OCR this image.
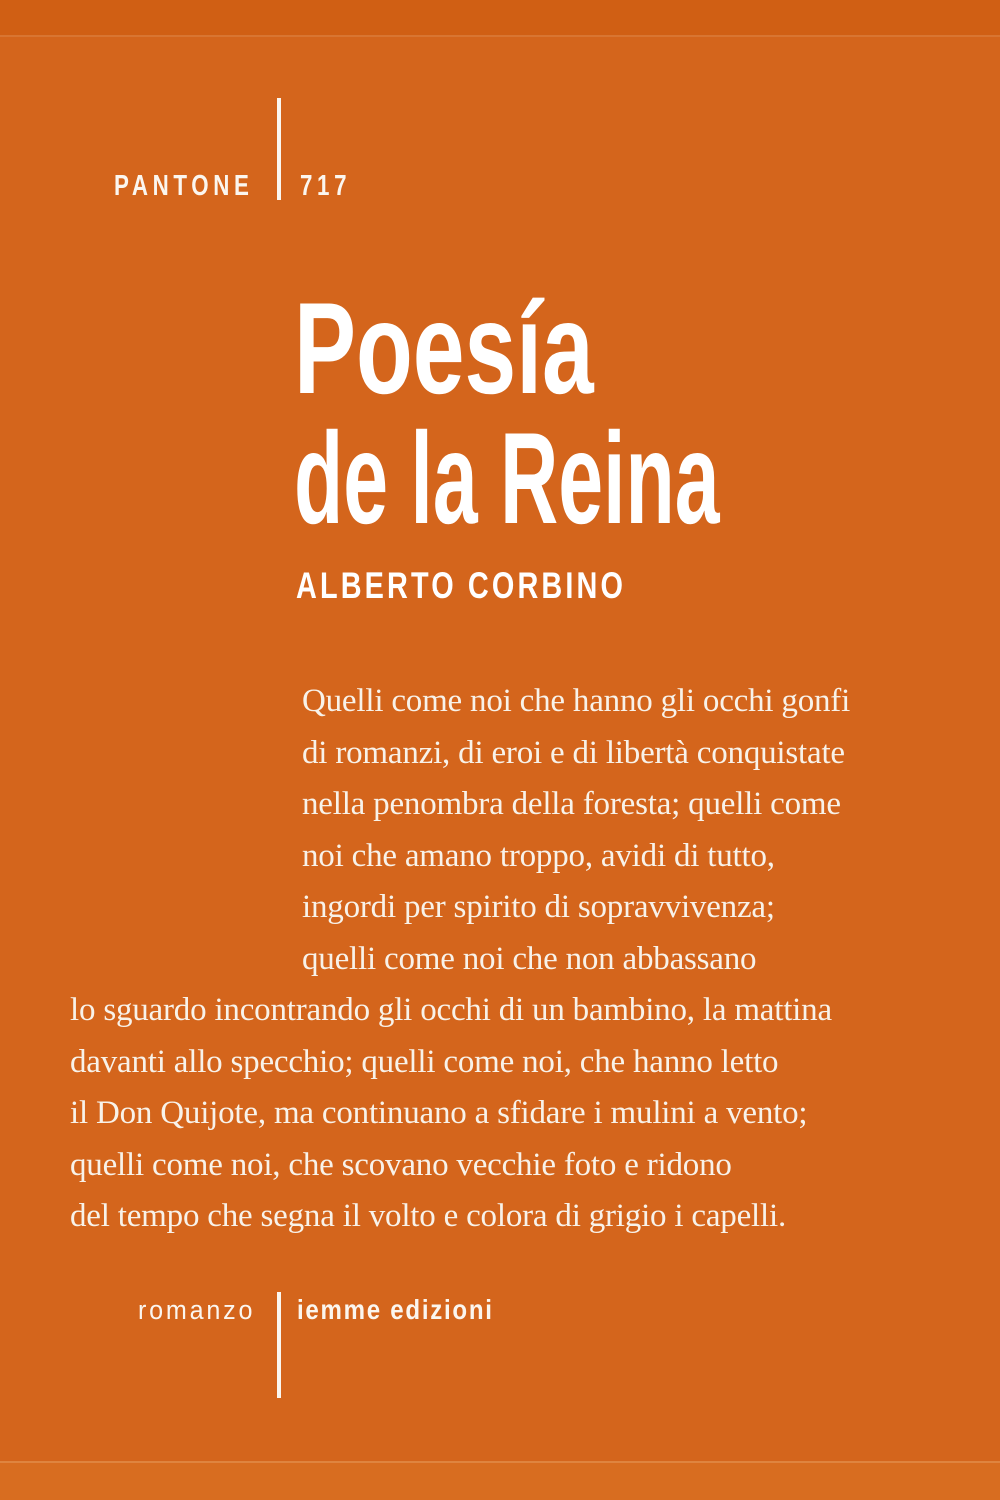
PANTONE 717
Poesía
de la Reina
ALBERTO CORBINO
Quelli come noi che hanno gli occhi gonfi
di romanzi, di eroi e di libertà conquistate
nella penombra della foresta; quelli come
noi che amano troppo, avidi di tutto,
ingordi per spirito di sopravvivenza;
quelli come noi che non abbassano
lo sguardo incontrando gli occhi di un bambino, la mattina
davanti allo specchio; quelli come noi, che hanno letto
il Don Quijote, ma continuano a sfidare i mulini a vento;
quelli come noi, che scovano vecchie foto e ridono
del tempo che segna il volto e colora di grigio i capelli.
romanzo iemme edizioni
